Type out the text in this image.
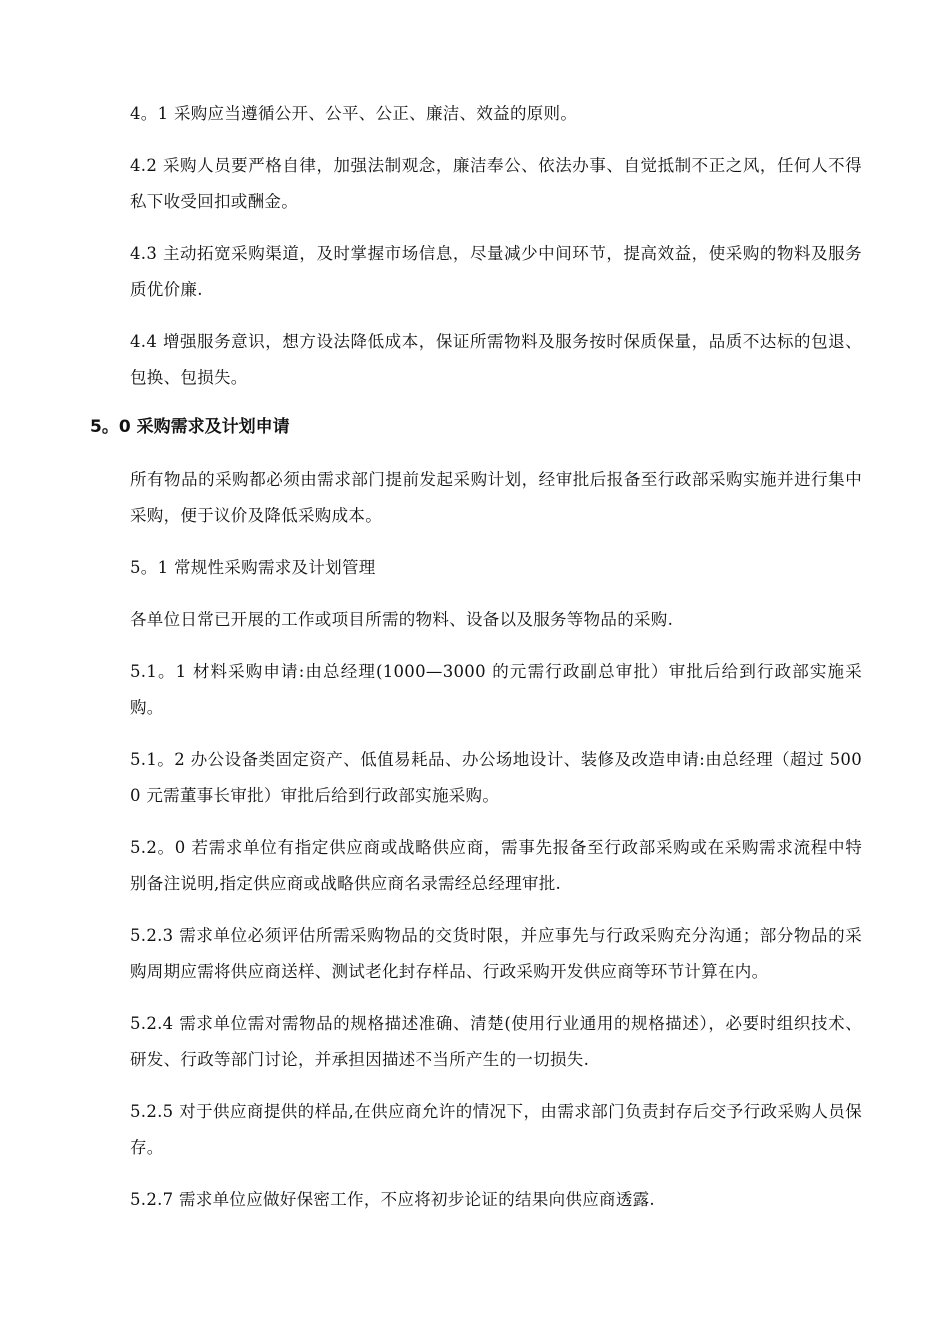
4。1 采购应当遵循公开、公平、公正、廉洁、效益的原则。

4.2 采购人员要严格自律，加强法制观念，廉洁奉公、依法办事、自觉抵制不正之风，任何人不得私下收受回扣或酬金。

4.3 主动拓宽采购渠道，及时掌握市场信息，尽量减少中间环节，提高效益，使采购的物料及服务质优价廉.

4.4 增强服务意识，想方设法降低成本，保证所需物料及服务按时保质保量，品质不达标的包退、包换、包损失。

5。0 采购需求及计划申请

所有物品的采购都必须由需求部门提前发起采购计划，经审批后报备至行政部采购实施并进行集中采购，便于议价及降低采购成本。

5。1 常规性采购需求及计划管理

各单位日常已开展的工作或项目所需的物料、设备以及服务等物品的采购.

5.1。1 材料采购申请:由总经理(1000—3000 的元需行政副总审批）审批后给到行政部实施采购。

5.1。2 办公设备类固定资产、低值易耗品、办公场地设计、装修及改造申请:由总经理（超过 5000 元需董事长审批）审批后给到行政部实施采购。

5.2。0 若需求单位有指定供应商或战略供应商，需事先报备至行政部采购或在采购需求流程中特别备注说明,指定供应商或战略供应商名录需经总经理审批.

5.2.3 需求单位必须评估所需采购物品的交货时限，并应事先与行政采购充分沟通；部分物品的采购周期应需将供应商送样、测试老化封存样品、行政采购开发供应商等环节计算在内。

5.2.4 需求单位需对需物品的规格描述准确、清楚(使用行业通用的规格描述），必要时组织技术、研发、行政等部门讨论，并承担因描述不当所产生的一切损失.

5.2.5 对于供应商提供的样品,在供应商允许的情况下，由需求部门负责封存后交予行政采购人员保存。

5.2.7 需求单位应做好保密工作，不应将初步论证的结果向供应商透露.
